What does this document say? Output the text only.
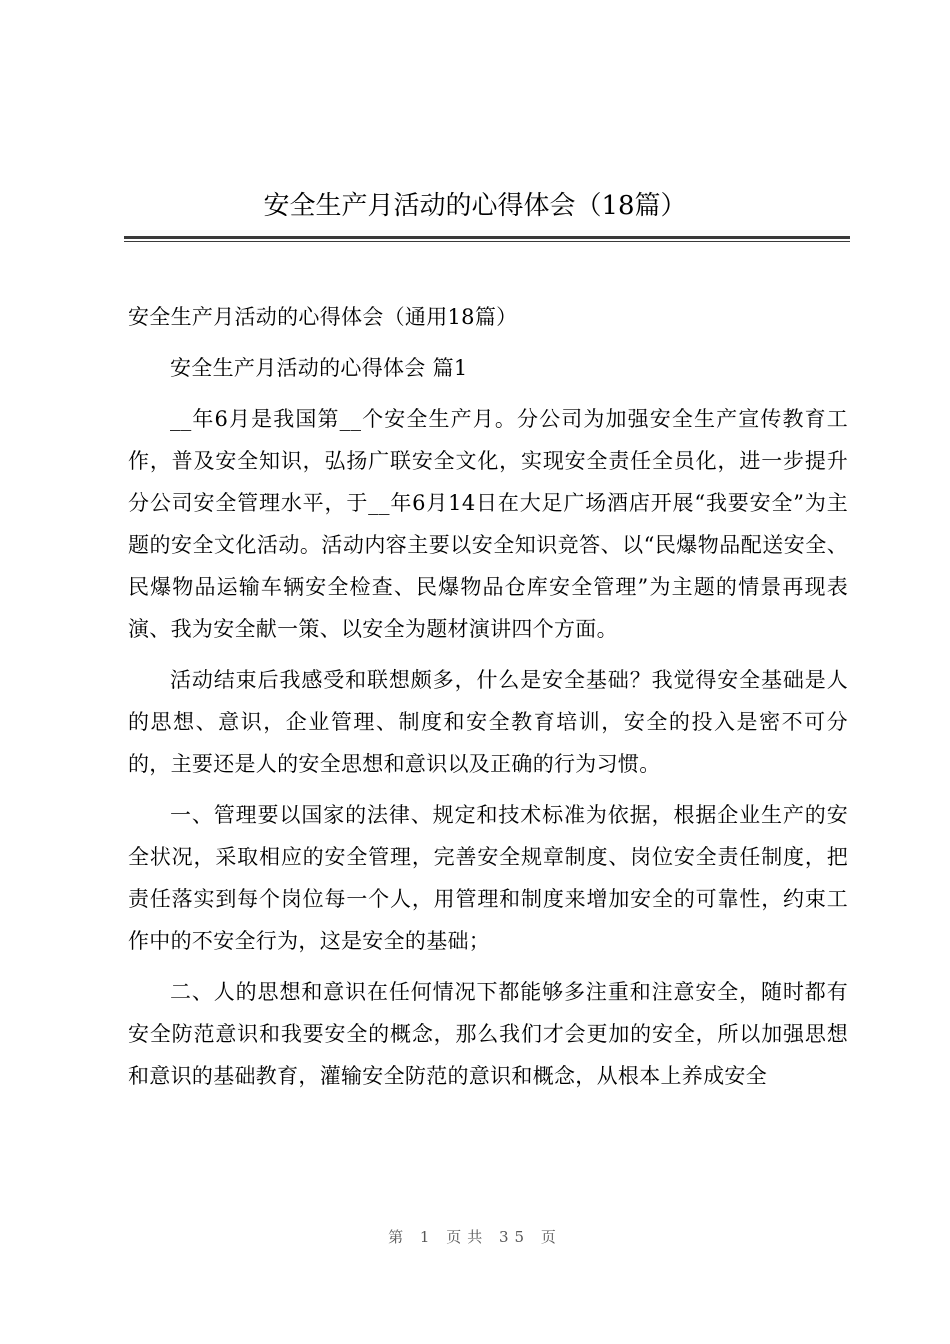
安全生产月活动的心得体会（18篇）

安全生产月活动的心得体会（通用18篇）

安全生产月活动的心得体会 篇1

__年6月是我国第__个安全生产月。分公司为加强安全生产宣传教育工作，普及安全知识，弘扬广联安全文化，实现安全责任全员化，进一步提升分公司安全管理水平，于__年6月14日在大足广场酒店开展“我要安全”为主题的安全文化活动。活动内容主要以安全知识竞答、以“民爆物品配送安全、民爆物品运输车辆安全检查、民爆物品仓库安全管理”为主题的情景再现表演、我为安全献一策、以安全为题材演讲四个方面。

活动结束后我感受和联想颇多，什么是安全基础？我觉得安全基础是人的思想、意识，企业管理、制度和安全教育培训，安全的投入是密不可分的，主要还是人的安全思想和意识以及正确的行为习惯。

一、管理要以国家的法律、规定和技术标准为依据，根据企业生产的安全状况，采取相应的安全管理，完善安全规章制度、岗位安全责任制度，把责任落实到每个岗位每一个人，用管理和制度来增加安全的可靠性，约束工作中的不安全行为，这是安全的基础；

二、人的思想和意识在任何情况下都能够多注重和注意安全，随时都有安全防范意识和我要安全的概念，那么我们才会更加的安全，所以加强思想和意识的基础教育，灌输安全防范的意识和概念，从根本上养成安全

第 1 页共 35 页
